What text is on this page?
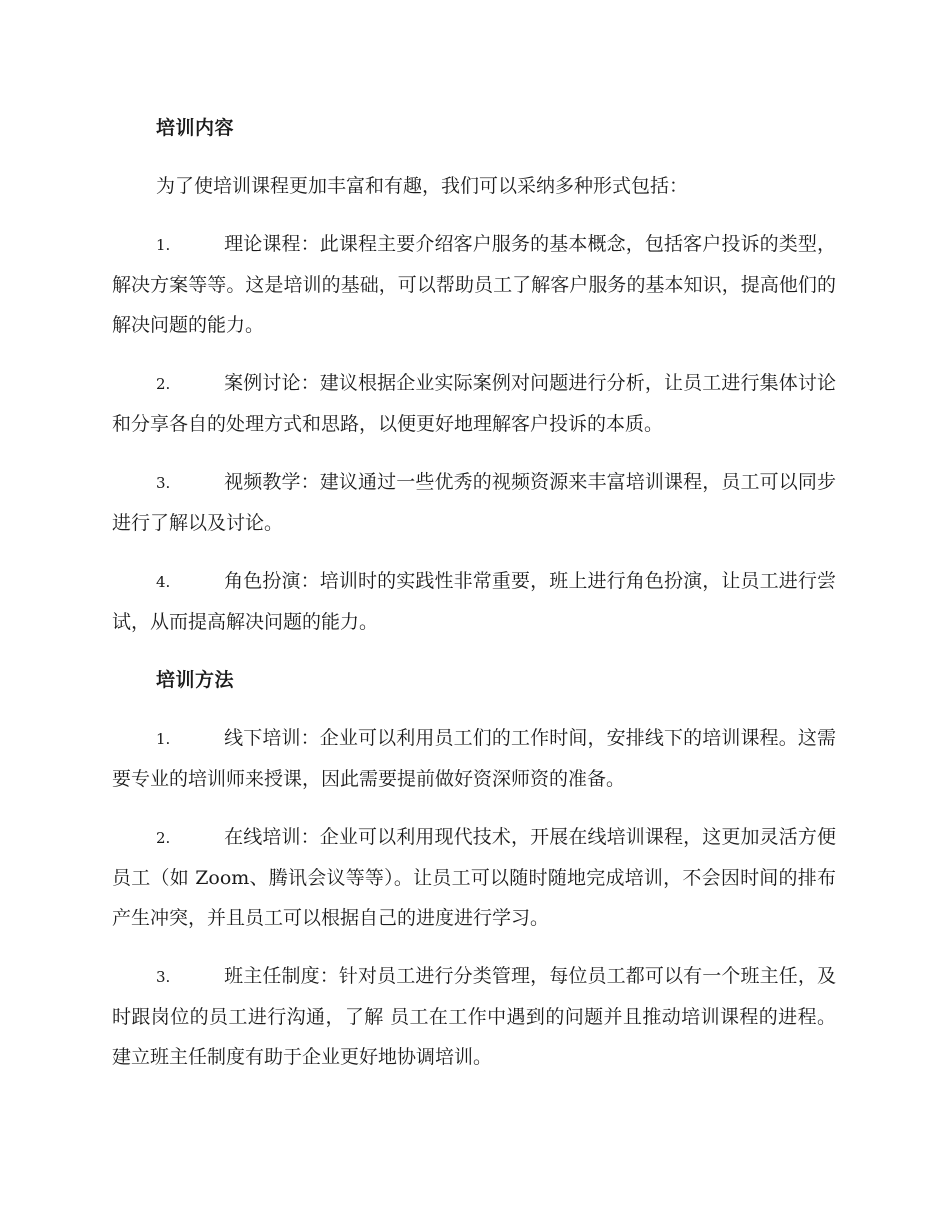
培训内容

为了使培训课程更加丰富和有趣，我们可以采纳多种形式包括：

1.	理论课程：此课程主要介绍客户服务的基本概念，包括客户投诉的类型，解决方案等等。这是培训的基础，可以帮助员工了解客户服务的基本知识，提高他们的解决问题的能力。

2.	案例讨论：建议根据企业实际案例对问题进行分析，让员工进行集体讨论和分享各自的处理方式和思路，以便更好地理解客户投诉的本质。

3.	视频教学：建议通过一些优秀的视频资源来丰富培训课程，员工可以同步进行了解以及讨论。

4.	角色扮演：培训时的实践性非常重要，班上进行角色扮演，让员工进行尝试，从而提高解决问题的能力。

培训方法

1.	线下培训：企业可以利用员工们的工作时间，安排线下的培训课程。这需要专业的培训师来授课，因此需要提前做好资深师资的准备。

2.	在线培训：企业可以利用现代技术，开展在线培训课程，这更加灵活方便员工（如 Zoom、腾讯会议等等）。让员工可以随时随地完成培训，不会因时间的排布产生冲突，并且员工可以根据自己的进度进行学习。

3.	班主任制度：针对员工进行分类管理，每位员工都可以有一个班主任，及时跟岗位的员工进行沟通，了解 员工在工作中遇到的问题并且推动培训课程的进程。建立班主任制度有助于企业更好地协调培训。
